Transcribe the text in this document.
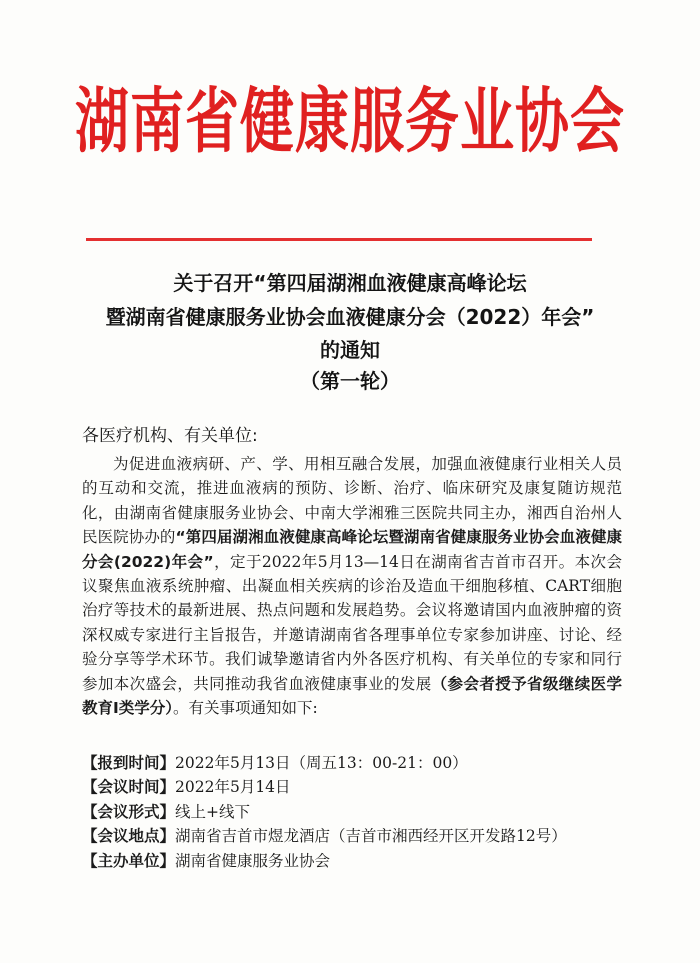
湖南省健康服务业协会
关于召开“第四届湖湘血液健康高峰论坛
暨湖南省健康服务业协会血液健康分会（2022）年会”
的通知
（第一轮）
各医疗机构、有关单位:

为促进血液病研、产、学、用相互融合发展，加强血液健康行业相关人员的互动和交流，推进血液病的预防、诊断、治疗、临床研究及康复随访规范化，由湖南省健康服务业协会、中南大学湘雅三医院共同主办，湘西自治州人民医院协办的“第四届湖湘血液健康高峰论坛暨湖南省健康服务业协会血液健康分会(2022)年会”，定于2022年5月13—14日在湖南省吉首市召开。本次会议聚焦血液系统肿瘤、出凝血相关疾病的诊治及造血干细胞移植、CART细胞治疗等技术的最新进展、热点问题和发展趋势。会议将邀请国内血液肿瘤的资深权威专家进行主旨报告，并邀请湖南省各理事单位专家参加讲座、讨论、经验分享等学术环节。我们诚挚邀请省内外各医疗机构、有关单位的专家和同行参加本次盛会，共同推动我省血液健康事业的发展（参会者授予省级继续医学教育Ⅰ类学分）。有关事项通知如下:

【报到时间】2022年5月13日（周五13：00-21：00）
【会议时间】2022年5月14日
【会议形式】线上+线下
【会议地点】湖南省吉首市煜龙酒店（吉首市湘西经开区开发路12号）
【主办单位】湖南省健康服务业协会
